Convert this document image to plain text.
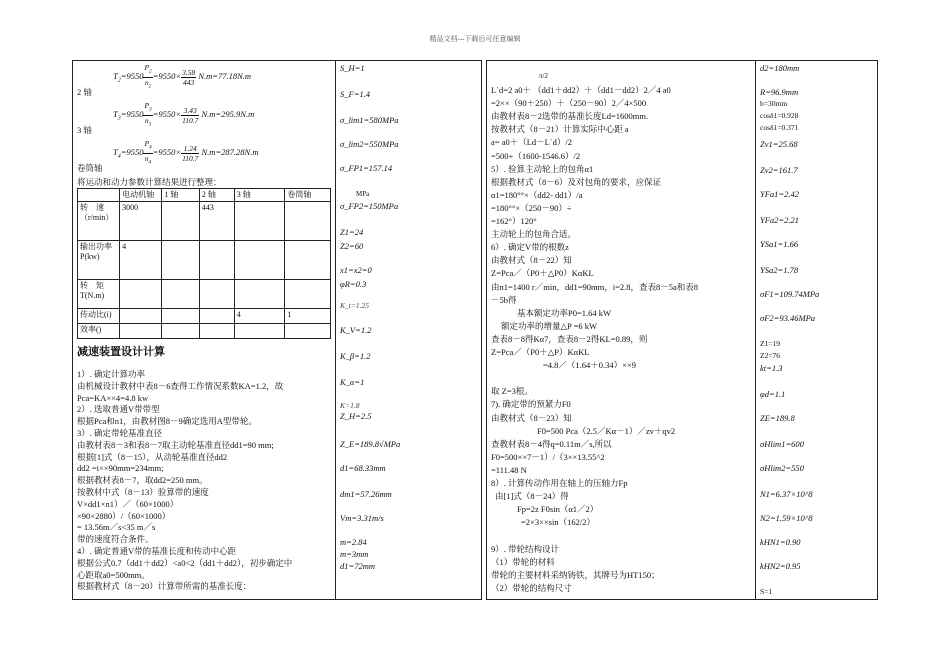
精品文档---下载后可任意编辑
$T_2=9550 \frac{P_2}{n_2} =9550\times \frac{3.58}{443} N.m=77.18N.m$
2 轴
$T_3=9550 \frac{P_3}{n_3} =9550\times \frac{3.43}{110.7} N.m=295.9N.m$
3 轴
$T_4=9550 \frac{P_4}{n_4} =9550\times \frac{1.24}{110.7} N.m=287.28N.m$
卷筒轴
将运动和动力参数计算结果进行整理：
	电动机轴	1 轴	2 轴	3 轴	卷筒轴
转　速（r/min）	3000		443		
输出功率P(kw)	4				
转　矩T(N.m)					
传动比(i)				4	1
效率()					
减速装置设计计算
1）. 确定计算功率
由机械设计教材中表8－6查得工作情况系数KA=1.2，故
Pca=KA××4=4.8 kw
2）. 选取普通V带带型
根据Pca和n1，由教材图8－9确定选用A型带轮。
3）. 确定带轮基准直径
由教材表8－3和表8－7取主动轮基准直径dd1=90 mm;
根据[1]式（8－15），从动轮基准直径dd2
dd2 =i××90mm=234mm;
根据教材表8－7，取dd2=250 mm。
按教材中式（8－13）验算带的速度
V×dd1×n1）／（60×1000）
×90×2880）/（60×1000）
= 13.56m／s<35 m／s
带的速度符合条件。
4）. 确定普通V带的基准长度和传动中心距
根据公式0.7（dd1＋dd2）<a0<2（dd1＋dd2），初步确定中
心距取a0=500mm。
根据教材式（8－20）计算带所需的基准长度：
S_H=1
S_F=1.4
σ_lim1=580MPa
σ_lim2=550MPa
σ_FP1=157.14
MPa
σ_FP2=150MPa
Z1=24
Z2=60
x1=x2=0
φR=0.3
K_t=1.25
K_V=1.2
K_β=1.2
K_α=1
K=1.8
Z_H=2.5
Z_E=189.8√MPa
d1=68.33mm
dm1=57.26mm
Vm=3.31m/s
m=2.84
m=3mm
d1=72mm
π/2
L`d=2 a0＋ （dd1＋dd2）＋（dd1－dd2）2／4 a0
=2××（90＋250）＋（250－90）2／4×500
由教材表8－2选带的基准长度Ld=1600mm.
按教材式（8－21）计算实际中心距 a
a= a0＋（Ld－L`d）/2
=500+（1600-1546.6）/2
5）. 验算主动轮上的包角α1
根据教材式（8－6）及对包角的要求，应保证
α1=180°°×（dd2- dd1）/a
=180°°×（250－90）÷
=162°）120°
主动轮上的包角合适。
6）. 确定V带的根数z
由教材式（8－22）知
Z=Pca／（P0＋△P0）KαKL
由n1=1400 r／min，dd1=90mm，i=2.8，查表8－5a和表8
－5b得
基本额定功率P0=1.64 kW
额定功率的增量△P =6 kW
查表8－8得Kα7，查表8－2得KL=0.89，则
Z=Pca／（P0＋△P）KαKL
=4.8／（1.64＋0.34）××9
取 Z=3根。
7). 确定带的预紧力F0
由教材式（8－23）知
F0=500 Pca（2.5／Kα－1）／zv＋qv2
查教材表8－4得q=0.11m／s,所以
F0=500××7－1）/（3××13.55^2
=111.48 N
8）. 计算传动作用在轴上的压轴力Fp
由[1]式（8－24）得
Fp=2z F0sin（α1／2）
=2×3××sin（162/2）
9）. 带轮结构设计
（1）带轮的材料
带轮的主要材料采纳铸铁，其牌号为HT150；
（2）带轮的结构尺寸
d2=180mm
R=96.9mm
b=30mm
cosδ1=0.928
cosδ1=0.371
Zv1=25.68
Zv2=161.7
YFa1=2.42
YFa2=2.21
YSa1=1.66
YSa2=1.78
σF1=109.74MPa
σF2=93.46MPa
Z1=19
Z2=76
kt=1.3
φd=1.1
ZE=189.8
σHlim1=600
σHlim2=550
N1=6.37×10^8
N2=1.59×10^8
kHN1=0.90
kHN2=0.95
S=1
